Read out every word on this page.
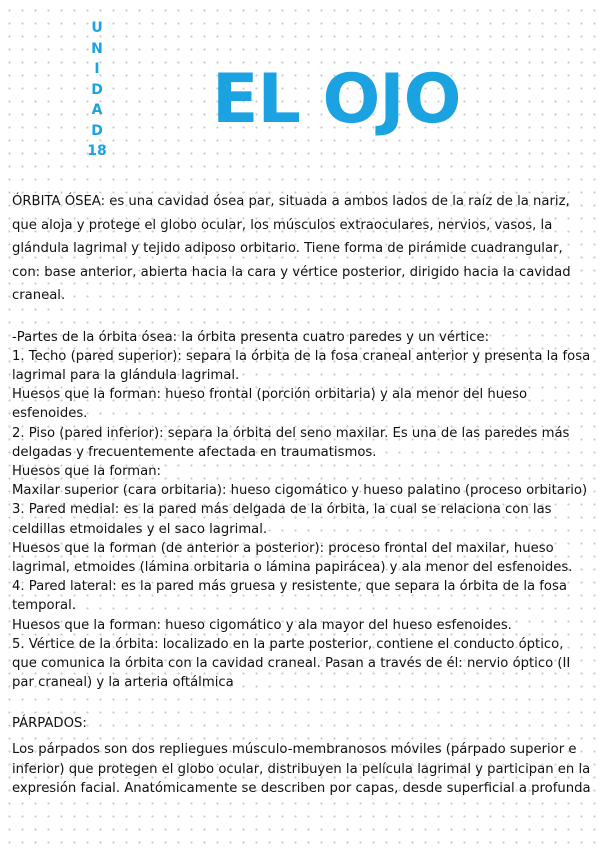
U
N
I
D
A
D
18
EL OJO

ÓRBITA ÓSEA: es una cavidad ósea par, situada a ambos lados de la raíz de la nariz, que aloja y protege el globo ocular, los músculos extraoculares, nervios, vasos, la glándula lagrimal y tejido adiposo orbitario. Tiene forma de pirámide cuadrangular, con: base anterior, abierta hacia la cara y vértice posterior, dirigido hacia la cavidad craneal.

-Partes de la órbita ósea: la órbita presenta cuatro paredes y un vértice:

1. Techo (pared superior): separa la órbita de la fosa craneal anterior y presenta la fosa lagrimal para la glándula lagrimal.

Huesos que la forman: hueso frontal (porción orbitaria) y ala menor del hueso esfenoides.

2. Piso (pared inferior): separa la órbita del seno maxilar. Es una de las paredes más delgadas y frecuentemente afectada en traumatismos.

Huesos que la forman:

Maxilar superior (cara orbitaria): hueso cigomático y hueso palatino (proceso orbitario)

3. Pared medial: es la pared más delgada de la órbita, la cual se relaciona con las celdillas etmoidales y el saco lagrimal.

Huesos que la forman (de anterior a posterior): proceso frontal del maxilar, hueso lagrimal, etmoides (lámina orbitaria o lámina papirácea) y ala menor del esfenoides.

4. Pared lateral: es la pared más gruesa y resistente, que separa la órbita de la fosa temporal.

Huesos que la forman: hueso cigomático y ala mayor del hueso esfenoides.

5. Vértice de la órbita: localizado en la parte posterior, contiene el conducto óptico, que comunica la órbita con la cavidad craneal. Pasan a través de él: nervio óptico (II par craneal) y la arteria oftálmica

PÁRPADOS:

Los párpados son dos repliegues músculo-membranosos móviles (párpado superior e inferior) que protegen el globo ocular, distribuyen la película lagrimal y participan en la expresión facial. Anatómicamente se describen por capas, desde superficial a profunda
